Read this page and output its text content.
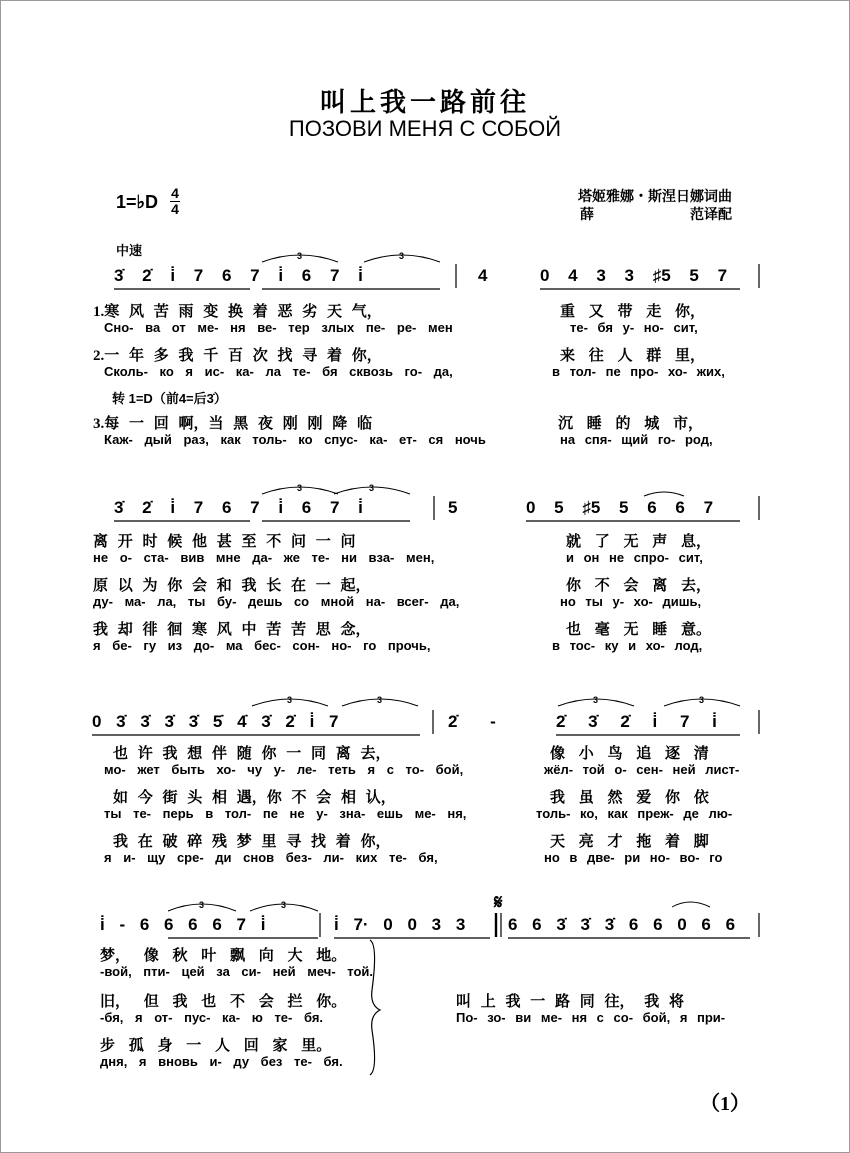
叫上我一路前往
ПОЗОВИ МЕНЯ С СОБОЙ
1=♭D 4
4
塔姬雅娜・斯涅日娜词曲
薛	范译配
中速
3̇ 2̇ i̇ 7 6 7 i̇ 6 7 i̇	4	0 4 3 3 ♯5 5 7
1.寒 风 苦 雨 变 换 着 恶 劣 天 气，	重 又 带 走 你，
Сно- ва от ме- ня ве- тер злых пе- ре- мен	те- бя у- но- сит,
2.一 年 多 我 千 百 次 找 寻 着 你，	来 往 人 群 里，
Сколь- ко я ис- ка- ла те- бя сквозь го- да,	в тол- пе про- хо- жих,
转 1=D（前4=后3̇）
3.每 一 回 啊，当 黑 夜 刚 刚 降 临	沉 睡 的 城 市，
Каж- дый раз, как толь- ко спус- ка- ет- ся ночь	на спя- щий го- род,
3̇ 2̇ i̇ 7 6 7 i̇ 6 7 i̇	5	0 5 ♯5 5 6 6 7
离 开 时 候 他 甚 至 不 问 一 问	就 了 无 声 息，
не о- ста- вив мне да- же те- ни вза- мен,	и он не спро- сит,
原 以 为 你 会 和 我 长 在 一 起，	你 不 会 离 去，
ду- ма- ла, ты бу- дешь со мной на- всег- да,	но ты у- хо- дишь,
我 却 徘 徊 寒 风 中 苦 苦 思 念，	也 毫 无 睡 意。
я бе- гу из до- ма бес- сон- но- го прочь,	в тос- ку и хо- лод,
0 3̇ 3̇ 3̇ 3̇ 5̇ 4̇ 3̇ 2̇ i̇ 7	2̇ -	2̇ 3̇ 2̇ i̇ 7 i̇
也 许 我 想 伴 随 你 一 同 离 去，	像 小 鸟 追 逐 清
мо- жет быть хо- чу у- ле- теть я с то- бой,	жёл- той о- сен- ней лист-
如 今 街 头 相 遇，你 不 会 相 认，	我 虽 然 爱 你 依
ты те- перь в тол- пе не у- зна- ешь ме- ня,	толь- ко, как преж- де лю-
我 在 破 碎 残 梦 里 寻 找 着 你，	天 亮 才 拖 着 脚
я и- щу сре- ди снов без- ли- ких те- бя,	но в две- ри но- во- го
i̇ - 6 6 6 6 7 i̇	i̇ 7· 0 0 3 3	6 6 3̇ 3̇ 3̇ 6 6 0 6 6
𝄋
梦， 像 秋 叶 飘 向 大 地。
-вой, пти- цей за си- ней меч- той.
旧， 但 我 也 不 会 拦 你。
-бя, я от- пус- ка- ю те- бя.
步 孤 身 一 人 回 家 里。
дня, я вновь и- ду без те- бя.
叫 上 我 一 路 同 往， 我 将
По- зо- ви ме- ня с со- бой, я при-
（1）
3	3
3	3
3	3	3	3
3	3
